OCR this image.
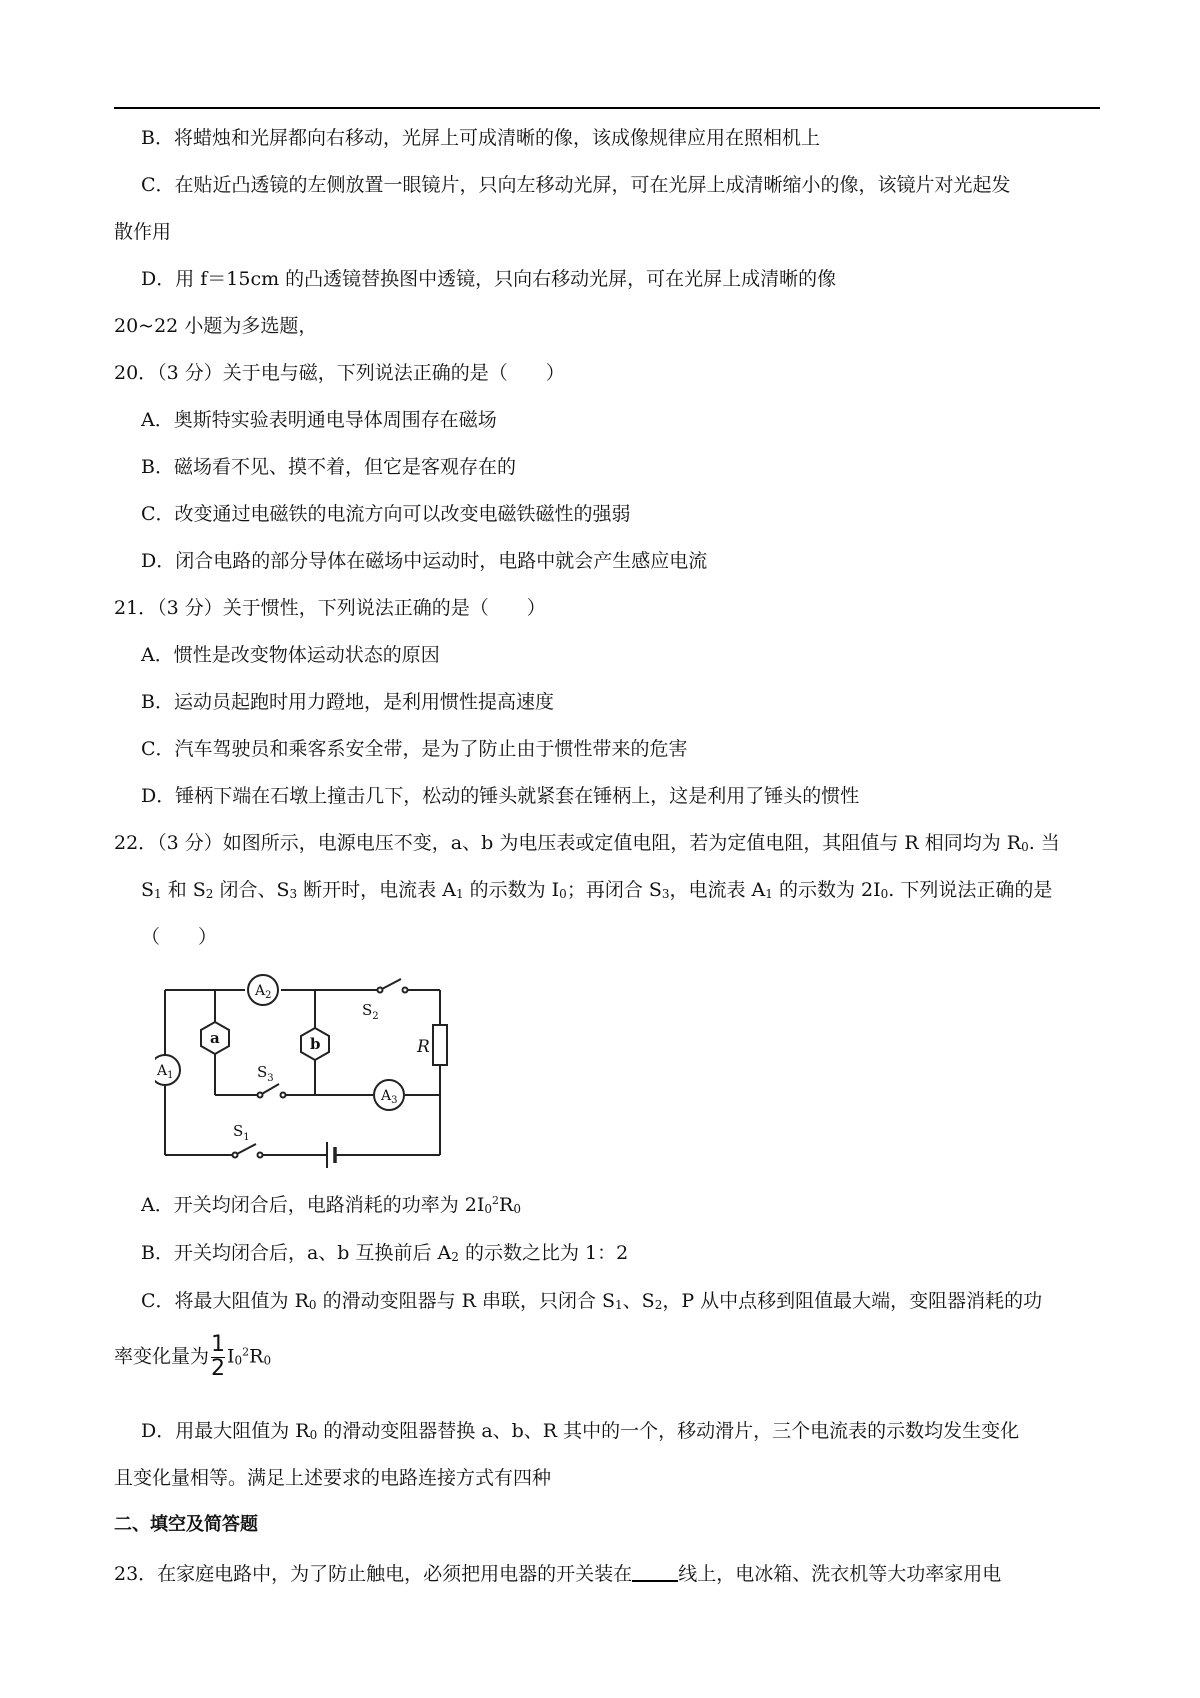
B．将蜡烛和光屏都向右移动，光屏上可成清晰的像，该成像规律应用在照相机上
C．在贴近凸透镜的左侧放置一眼镜片，只向左移动光屏，可在光屏上成清晰缩小的像，该镜片对光起发
散作用
D．用 f＝15cm 的凸透镜替换图中透镜，只向右移动光屏，可在光屏上成清晰的像
20~22 小题为多选题，
20．（3 分）关于电与磁，下列说法正确的是（　　）
A．奥斯特实验表明通电导体周围存在磁场
B．磁场看不见、摸不着，但它是客观存在的
C．改变通过电磁铁的电流方向可以改变电磁铁磁性的强弱
D．闭合电路的部分导体在磁场中运动时，电路中就会产生感应电流
21．（3 分）关于惯性，下列说法正确的是（　　）
A．惯性是改变物体运动状态的原因
B．运动员起跑时用力蹬地，是利用惯性提高速度
C．汽车驾驶员和乘客系安全带，是为了防止由于惯性带来的危害
D．锤柄下端在石墩上撞击几下，松动的锤头就紧套在锤柄上，这是利用了锤头的惯性
22．（3 分）如图所示，电源电压不变，a、b 为电压表或定值电阻，若为定值电阻，其阻值与 R 相同均为 $R_0$. 当
$S_1$ 和 $S_2$ 闭合、$S_3$ 断开时，电流表 $A_1$ 的示数为 $I_0$；再闭合 $S_3$，电流表 $A_1$ 的示数为 $2I_0$. 下列说法正确的是
（　　）
R
$A_2$
$A_1$
$A_3$
a	b
$S_2$
$S_3$
$S_1$
A．开关均闭合后，电路消耗的功率为 $2I_0^2R_0$
B．开关均闭合后，a、b 互换前后 $A_2$ 的示数之比为 1：2
C．将最大阻值为 $R_0$ 的滑动变阻器与 R 串联，只闭合 $S_1$、$S_2$，P 从中点移到阻值最大端，变阻器消耗的功
率变化量为 $\frac{1}{2} I_0^2R_0$
D．用最大阻值为 $R_0$ 的滑动变阻器替换 a、b、R 其中的一个，移动滑片，三个电流表的示数均发生变化
且变化量相等。满足上述要求的电路连接方式有四种
二、填空及简答题
23．在家庭电路中，为了防止触电，必须把用电器的开关装在 线上，电冰箱、洗衣机等大功率家用电
